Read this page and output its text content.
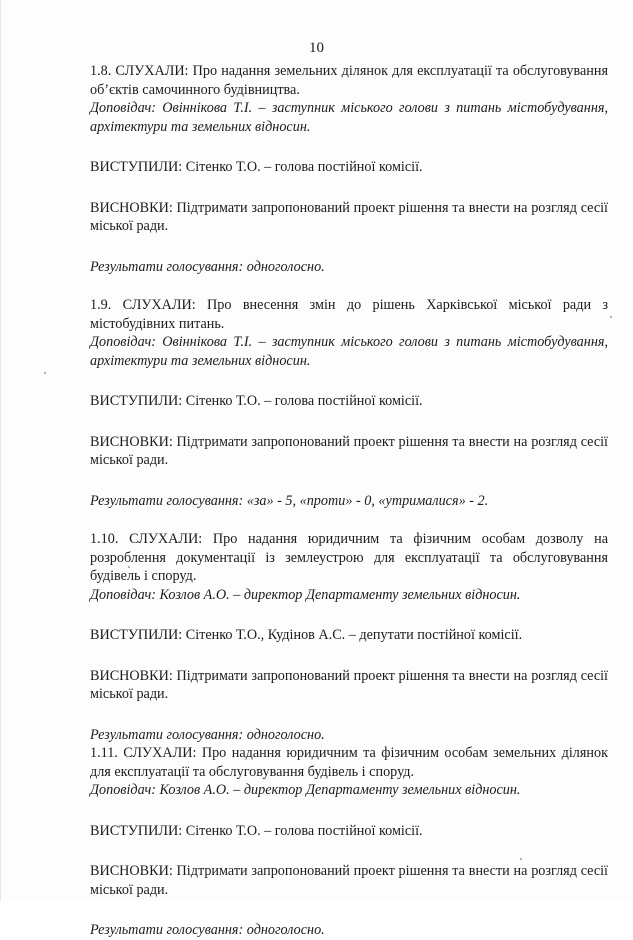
10

1.8. СЛУХАЛИ: Про надання земельних ділянок для експлуатації та обслуговування об’єктів самочинного будівництва.

Доповідач: Овіннікова Т.І. – заступник міського голови з питань містобудування, архітектури та земельних відносин.

ВИСТУПИЛИ: Сітенко Т.О. – голова постійної комісії.

ВИСНОВКИ: Підтримати запропонований проект рішення та внести на розгляд сесії міської ради.

Результати голосування: одноголосно.

1.9. СЛУХАЛИ: Про внесення змін до рішень Харківської міської ради з містобудівних питань.

Доповідач: Овіннікова Т.І. – заступник міського голови з питань містобудування, архітектури та земельних відносин.

ВИСТУПИЛИ: Сітенко Т.О. – голова постійної комісії.

ВИСНОВКИ: Підтримати запропонований проект рішення та внести на розгляд сесії міської ради.

Результати голосування: «за» - 5, «проти» - 0, «утрималися» - 2.

1.10. СЛУХАЛИ: Про надання юридичним та фізичним особам дозволу на розроблення документації із землеустрою для експлуатації та обслуговування будівель і споруд.

Доповідач: Козлов А.О. – директор Департаменту земельних відносин.

ВИСТУПИЛИ: Сітенко Т.О., Кудінов А.С. – депутати постійної комісії.

ВИСНОВКИ: Підтримати запропонований проект рішення та внести на розгляд сесії міської ради.

Результати голосування: одноголосно.

1.11. СЛУХАЛИ: Про надання юридичним та фізичним особам земельних ділянок для експлуатації та обслуговування будівель і споруд.

Доповідач: Козлов А.О. – директор Департаменту земельних відносин.

ВИСТУПИЛИ: Сітенко Т.О. – голова постійної комісії.

ВИСНОВКИ: Підтримати запропонований проект рішення та внести на розгляд сесії міської ради.

Результати голосування: одноголосно.
